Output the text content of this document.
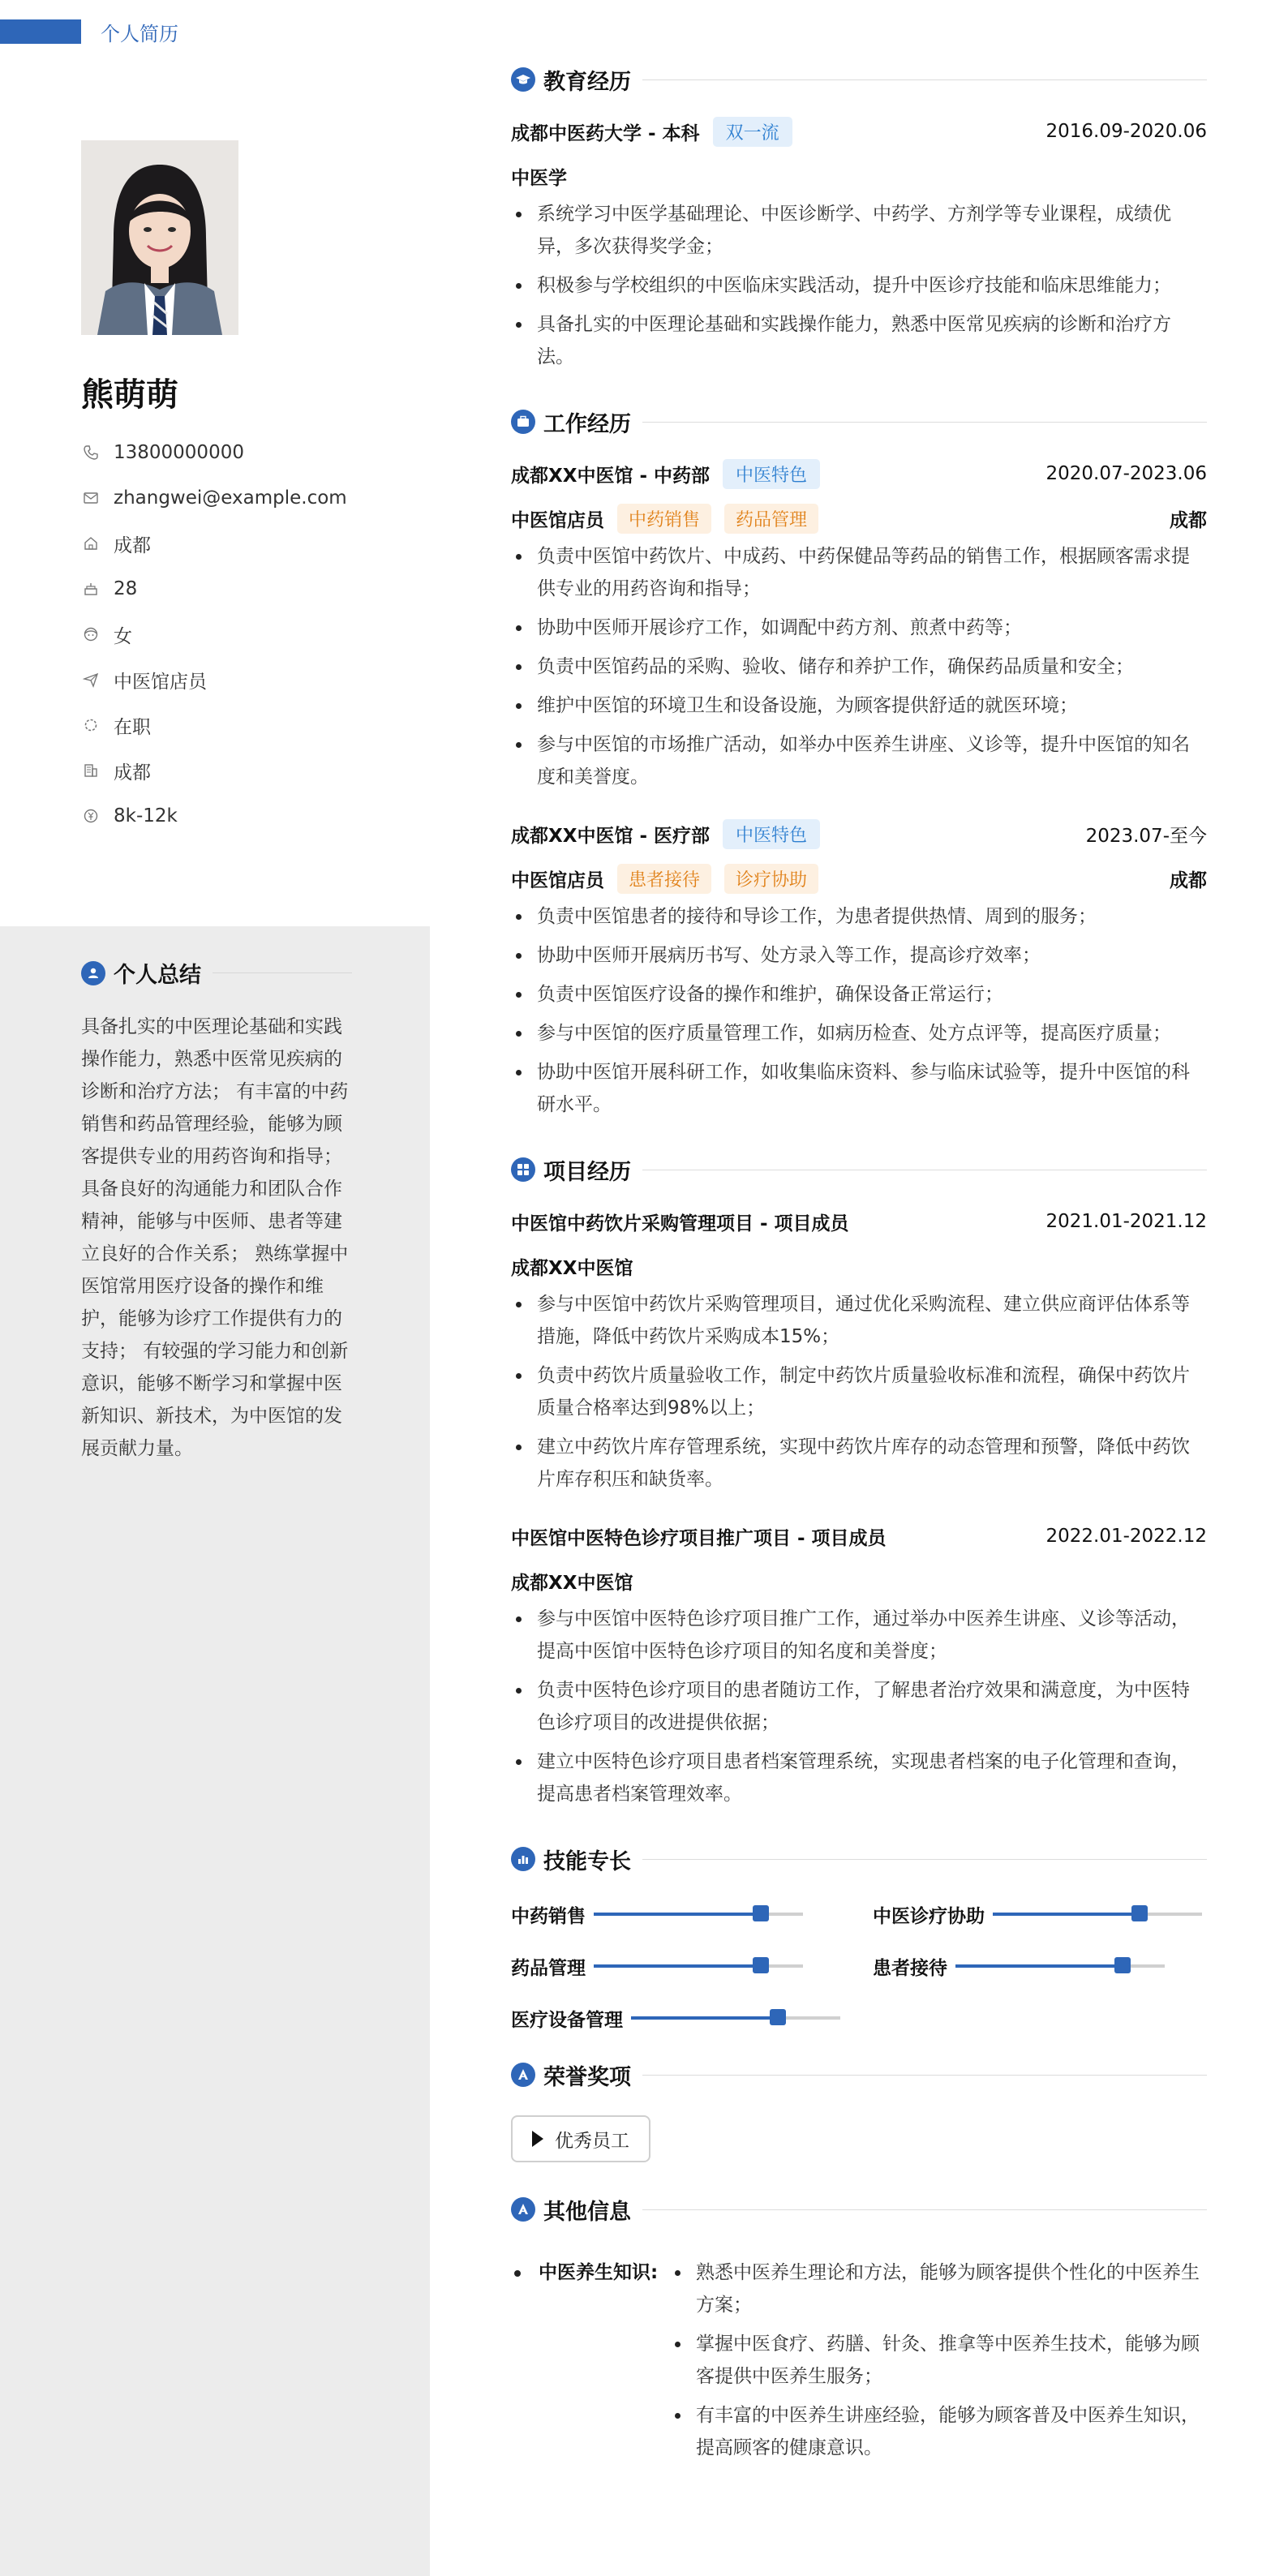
个人简历
熊萌萌
13800000000
zhangwei@example.com
成都
28
女
中医馆店员
在职
成都
8k-12k
个人总结
具备扎实的中医理论基础和实践操作能力，熟悉中医常见疾病的诊断和治疗方法； 有丰富的中药销售和药品管理经验，能够为顾客提供专业的用药咨询和指导； 具备良好的沟通能力和团队合作精神，能够与中医师、患者等建立良好的合作关系； 熟练掌握中医馆常用医疗设备的操作和维护，能够为诊疗工作提供有力的支持； 有较强的学习能力和创新意识，能够不断学习和掌握中医新知识、新技术，为中医馆的发展贡献力量。
教育经历
成都中医药大学 - 本科	双一流	2016.09-2020.06
中医学
系统学习中医学基础理论、中医诊断学、中药学、方剂学等专业课程，成绩优异，多次获得奖学金；
积极参与学校组织的中医临床实践活动，提升中医诊疗技能和临床思维能力；
具备扎实的中医理论基础和实践操作能力，熟悉中医常见疾病的诊断和治疗方法。
工作经历
成都XX中医馆 - 中药部	中医特色	2020.07-2023.06
中医馆店员	中药销售	药品管理	成都
负责中医馆中药饮片、中成药、中药保健品等药品的销售工作，根据顾客需求提供专业的用药咨询和指导；
协助中医师开展诊疗工作，如调配中药方剂、煎煮中药等；
负责中医馆药品的采购、验收、储存和养护工作，确保药品质量和安全；
维护中医馆的环境卫生和设备设施，为顾客提供舒适的就医环境；
参与中医馆的市场推广活动，如举办中医养生讲座、义诊等，提升中医馆的知名度和美誉度。
成都XX中医馆 - 医疗部	中医特色	2023.07-至今
中医馆店员	患者接待	诊疗协助	成都
负责中医馆患者的接待和导诊工作，为患者提供热情、周到的服务；
协助中医师开展病历书写、处方录入等工作，提高诊疗效率；
负责中医馆医疗设备的操作和维护，确保设备正常运行；
参与中医馆的医疗质量管理工作，如病历检查、处方点评等，提高医疗质量；
协助中医馆开展科研工作，如收集临床资料、参与临床试验等，提升中医馆的科研水平。
项目经历
中医馆中药饮片采购管理项目 - 项目成员	2021.01-2021.12
成都XX中医馆
参与中医馆中药饮片采购管理项目，通过优化采购流程、建立供应商评估体系等措施，降低中药饮片采购成本15%；
负责中药饮片质量验收工作，制定中药饮片质量验收标准和流程，确保中药饮片质量合格率达到98%以上；
建立中药饮片库存管理系统，实现中药饮片库存的动态管理和预警，降低中药饮片库存积压和缺货率。
中医馆中医特色诊疗项目推广项目 - 项目成员	2022.01-2022.12
成都XX中医馆
参与中医馆中医特色诊疗项目推广工作，通过举办中医养生讲座、义诊等活动，提高中医馆中医特色诊疗项目的知名度和美誉度；
负责中医特色诊疗项目的患者随访工作，了解患者治疗效果和满意度，为中医特色诊疗项目的改进提供依据；
建立中医特色诊疗项目患者档案管理系统，实现患者档案的电子化管理和查询，提高患者档案管理效率。
技能专长
中药销售	中医诊疗协助
药品管理	患者接待
医疗设备管理
荣誉奖项
优秀员工
其他信息
中医养生知识:	熟悉中医养生理论和方法，能够为顾客提供个性化的中医养生方案；
掌握中医食疗、药膳、针灸、推拿等中医养生技术，能够为顾客提供中医养生服务；
有丰富的中医养生讲座经验，能够为顾客普及中医养生知识，提高顾客的健康意识。
